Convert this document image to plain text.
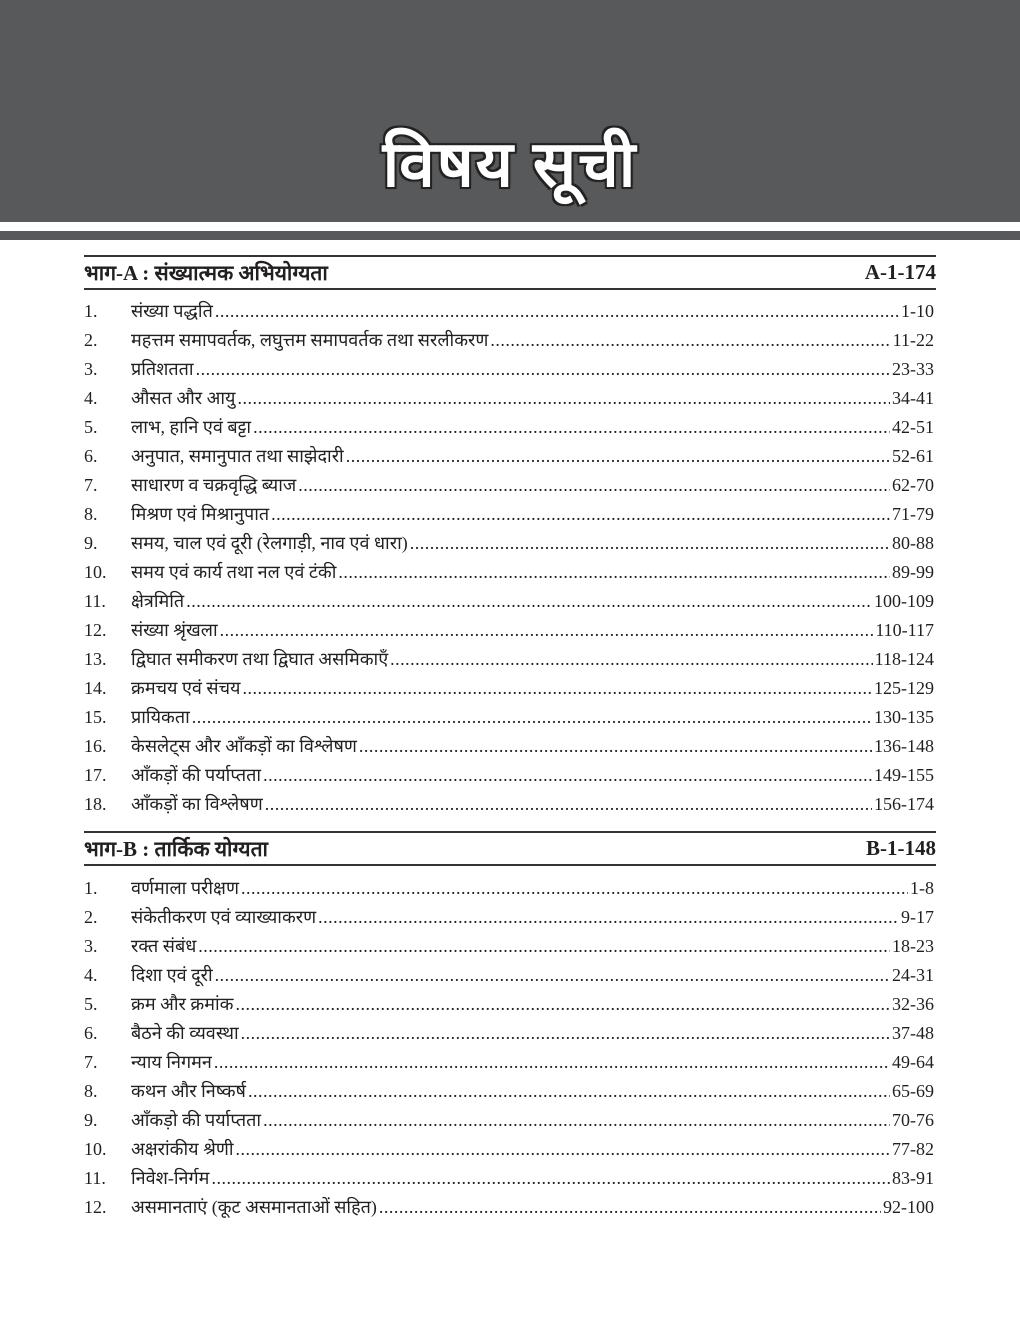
विषय सूची
भाग-A : संख्यात्मक अभियोग्यता	A-1-174
1.	संख्या पद्धति .....	1-10
2.	महत्तम समापवर्तक, लघुत्तम समापवर्तक तथा सरलीकरण .....	11-22
3.	प्रतिशतता .....	23-33
4.	औसत और आयु .....	34-41
5.	लाभ, हानि एवं बट्टा .....	42-51
6.	अनुपात, समानुपात तथा साझेदारी .....	52-61
7.	साधारण व चक्रवृद्धि ब्याज .....	62-70
8.	मिश्रण एवं मिश्रानुपात .....	71-79
9.	समय, चाल एवं दूरी (रेलगाड़ी, नाव एवं धारा) .....	80-88
10.	समय एवं कार्य तथा नल एवं टंकी .....	89-99
11.	क्षेत्रमिति .....	100-109
12.	संख्या श्रृंखला .....	110-117
13.	द्विघात समीकरण तथा द्विघात असमिकाएँ .....	118-124
14.	क्रमचय एवं संचय .....	125-129
15.	प्रायिकता .....	130-135
16.	केसलेट्स और आँकड़ों का विश्लेषण .....	136-148
17.	आँकड़ों की पर्याप्तता .....	149-155
18.	आँकड़ों का विश्लेषण .....	156-174
भाग-B : तार्किक योग्यता	B-1-148
1.	वर्णमाला परीक्षण .....	1-8
2.	संकेतीकरण एवं व्याख्याकरण .....	9-17
3.	रक्त संबंध .....	18-23
4.	दिशा एवं दूरी .....	24-31
5.	क्रम और क्रमांक .....	32-36
6.	बैठने की व्यवस्था .....	37-48
7.	न्याय निगमन .....	49-64
8.	कथन और निष्कर्ष .....	65-69
9.	आँकड़ो की पर्याप्तता .....	70-76
10.	अक्षरांकीय श्रेणी .....	77-82
11.	निवेश-निर्गम .....	83-91
12.	असमानताएं (कूट असमानताओं सहित) .....	92-100
